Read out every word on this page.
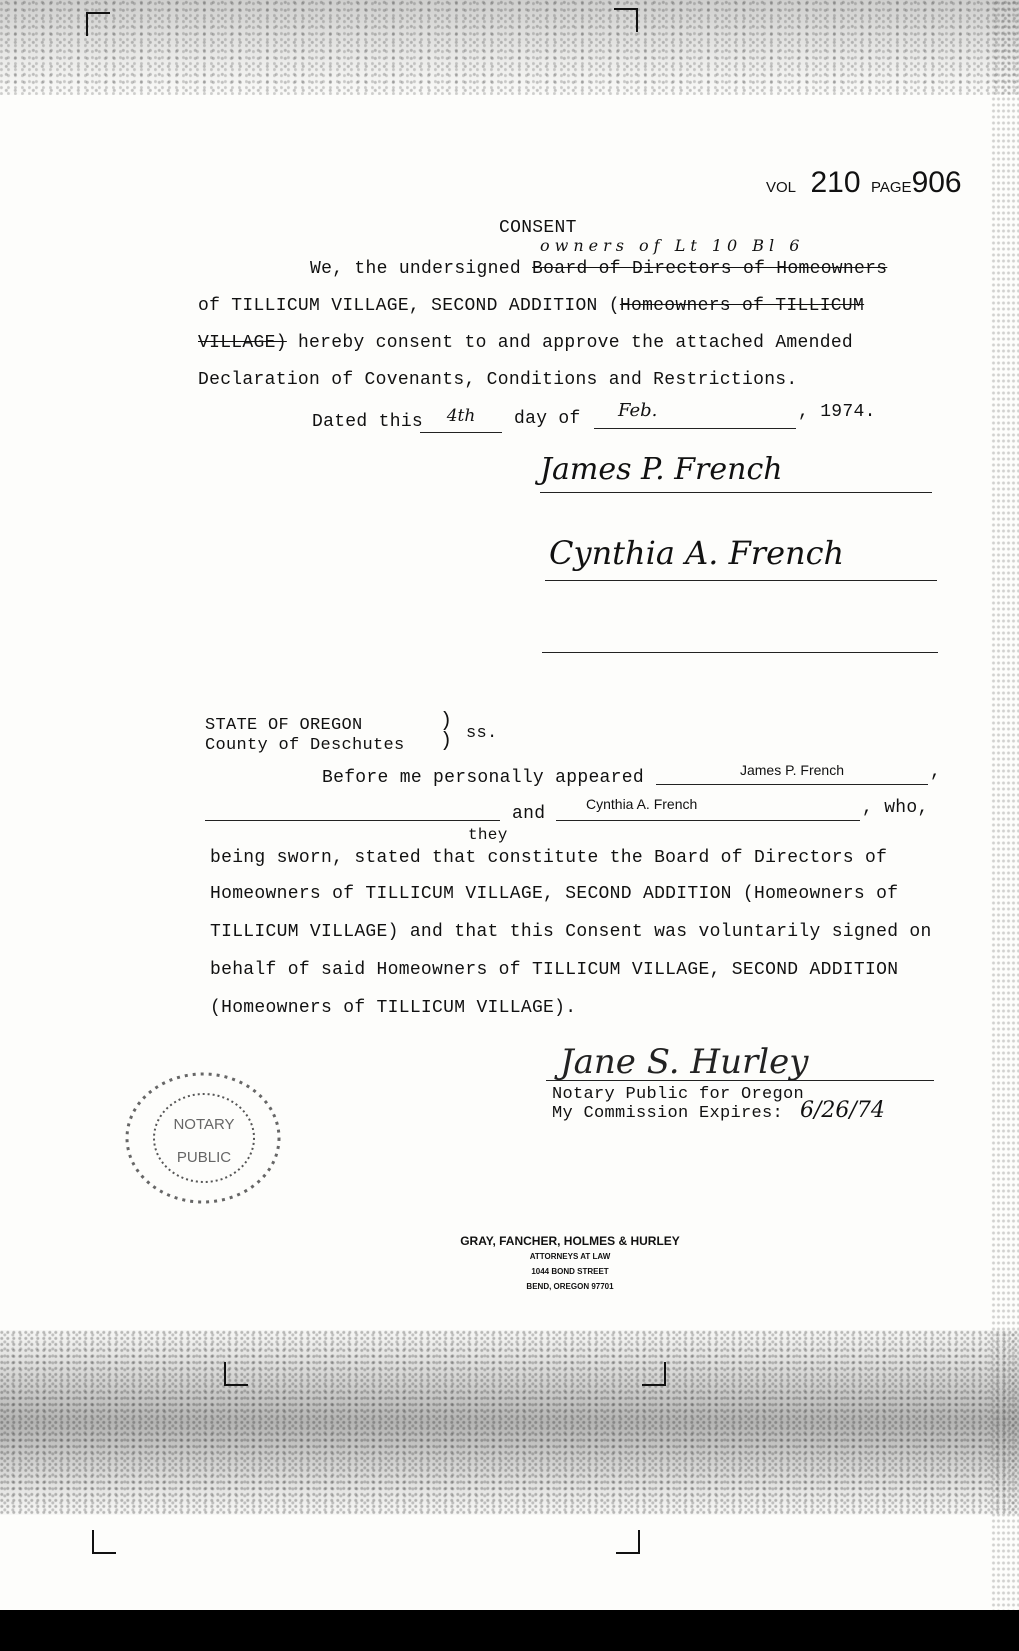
VOL 210 PAGE906
CONSENT
We, the undersigned Board of Directors of Homeowners
owners of Lt 10 Bl 6
of TILLICUM VILLAGE, SECOND ADDITION (Homeowners of TILLICUM
VILLAGE) hereby consent to and approve the attached Amended
Declaration of Covenants, Conditions and Restrictions.
Dated this	4th	day of	Feb.	, 1974.
James P. French
Cynthia A. French
STATE OF OREGON
County of Deschutes
)
) ss.
Before me personally appeared	James P. French	,
and	Cynthia A. French	, who,
they
being sworn, stated that constitute the Board of Directors of
Homeowners of TILLICUM VILLAGE, SECOND ADDITION (Homeowners of
TILLICUM VILLAGE) and that this Consent was voluntarily signed on
behalf of said Homeowners of TILLICUM VILLAGE, SECOND ADDITION
(Homeowners of TILLICUM VILLAGE).
Jane S. Hurley
Notary Public for Oregon
My Commission Expires: 6/26/74
NOTARY
PUBLIC
GRAY, FANCHER, HOLMES & HURLEY
ATTORNEYS AT LAW
1044 BOND STREET
BEND, OREGON 97701
